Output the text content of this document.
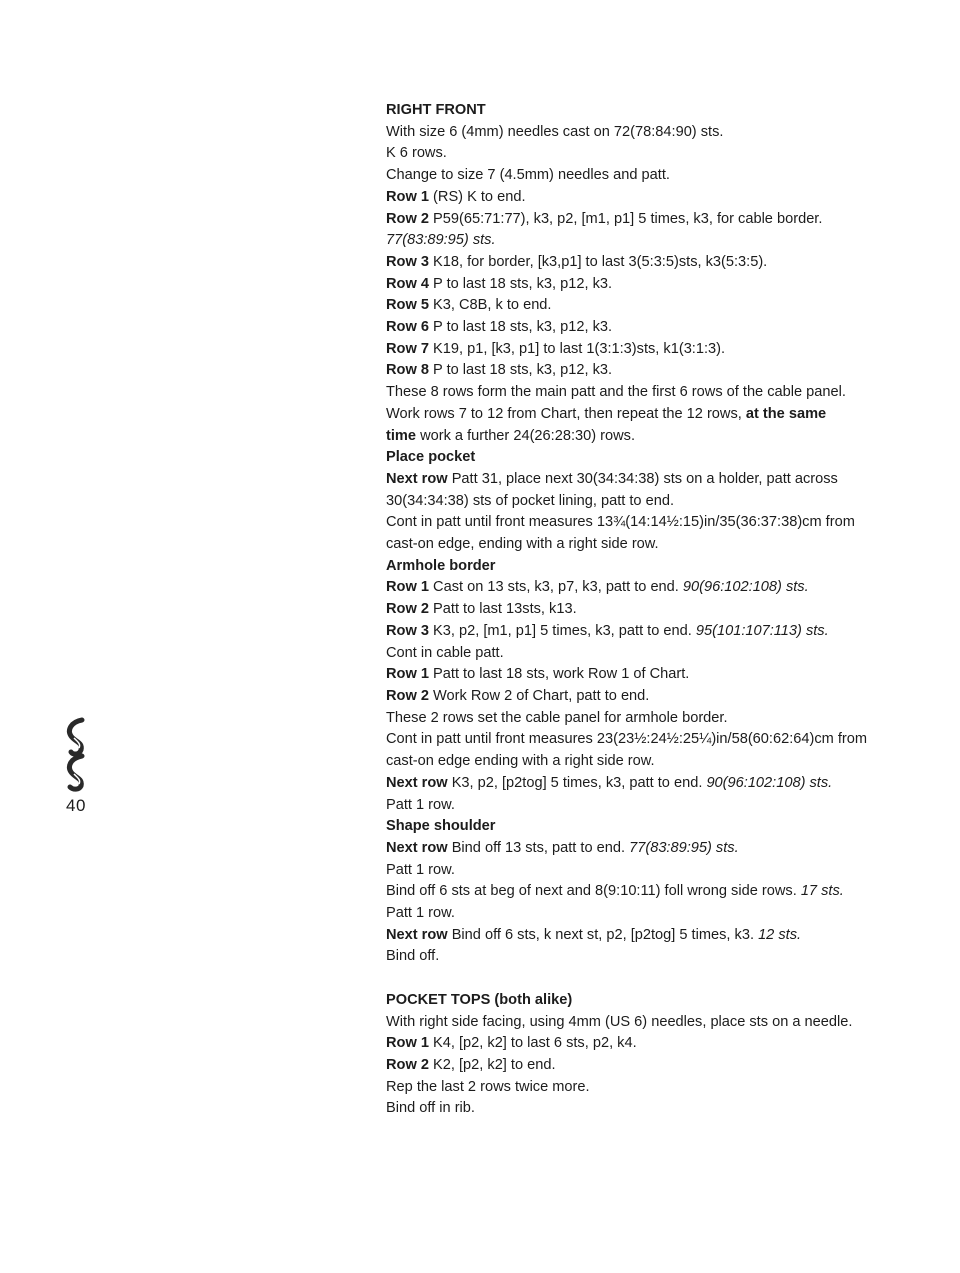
40

RIGHT FRONT

With size 6 (4mm) needles cast on 72(78:84:90) sts.

K 6 rows.

Change to size 7 (4.5mm) needles and patt.

Row 1 (RS) K to end.

Row 2 P59(65:71:77), k3, p2, [m1, p1] 5 times, k3, for cable border.

77(83:89:95) sts.

Row 3 K18, for border, [k3,p1] to last 3(5:3:5)sts, k3(5:3:5).

Row 4 P to last 18 sts, k3, p12, k3.

Row 5 K3, C8B, k to end.

Row 6 P to last 18 sts, k3, p12, k3.

Row 7 K19, p1, [k3, p1] to last 1(3:1:3)sts, k1(3:1:3).

Row 8 P to last 18 sts, k3, p12, k3.

These 8 rows form the main patt and the first 6 rows of the cable panel.

Work rows 7 to 12 from Chart, then repeat the 12 rows, at the same

time work a further 24(26:28:30) rows.

Place pocket

Next row Patt 31, place next 30(34:34:38) sts on a holder, patt across

30(34:34:38) sts of pocket lining, patt to end.

Cont in patt until front measures 13¾(14:14½:15)in/35(36:37:38)cm from

cast-on edge, ending with a right side row.

Armhole border

Row 1 Cast on 13 sts, k3, p7, k3, patt to end. 90(96:102:108) sts.

Row 2 Patt to last 13sts, k13.

Row 3 K3, p2, [m1, p1] 5 times, k3, patt to end. 95(101:107:113) sts.

Cont in cable patt.

Row 1 Patt to last 18 sts, work Row 1 of Chart.

Row 2 Work Row 2 of Chart, patt to end.

These 2 rows set the cable panel for armhole border.

Cont in patt until front measures 23(23½:24½:25¼)in/58(60:62:64)cm from

cast-on edge ending with a right side row.

Next row K3, p2, [p2tog] 5 times, k3, patt to end. 90(96:102:108) sts.

Patt 1 row.

Shape shoulder

Next row Bind off 13 sts, patt to end. 77(83:89:95) sts.

Patt 1 row.

Bind off 6 sts at beg of next and 8(9:10:11) foll wrong side rows. 17 sts.

Patt 1 row.

Next row Bind off 6 sts, k next st, p2, [p2tog] 5 times, k3. 12 sts.

Bind off.

POCKET TOPS (both alike)

With right side facing, using 4mm (US 6) needles, place sts on a needle.

Row 1 K4, [p2, k2] to last 6 sts, p2, k4.

Row 2 K2, [p2, k2] to end.

Rep the last 2 rows twice more.

Bind off in rib.
